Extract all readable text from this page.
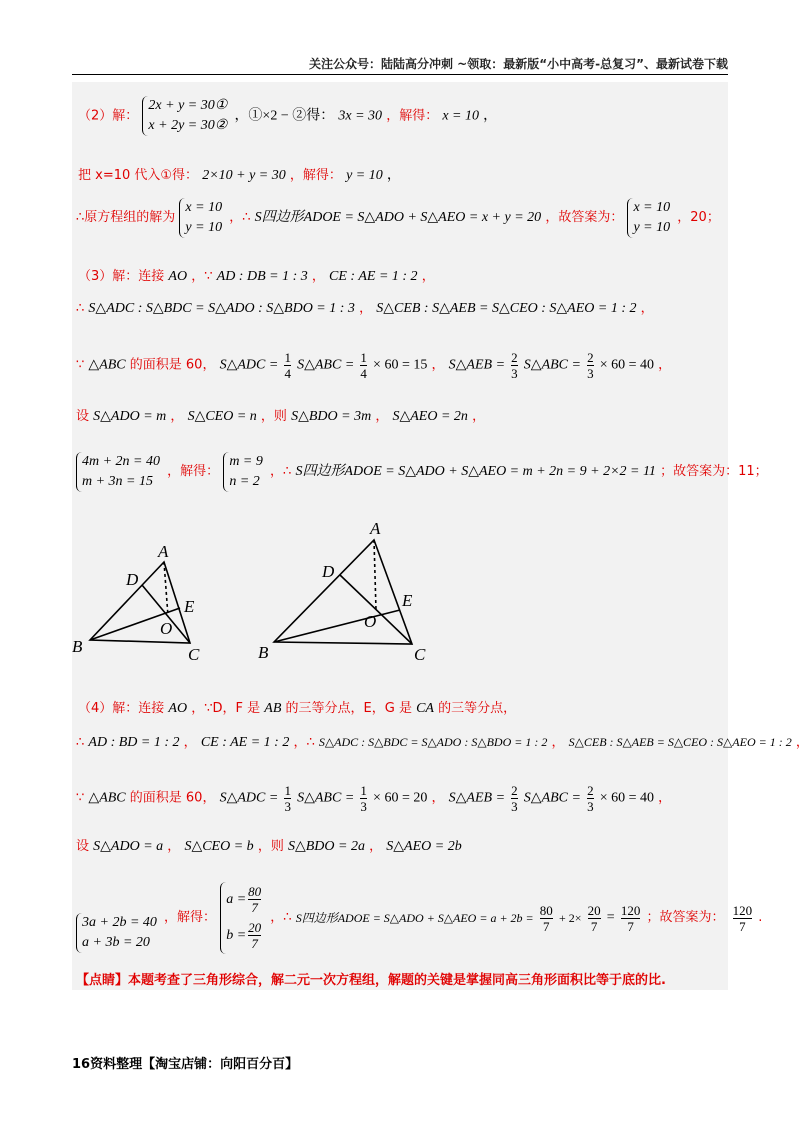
关注公众号：陆陆高分冲刺 ~领取：最新版“小中高考-总复习”、最新试卷下载
（2）解：
2x + y = 30①
x + 2y = 30②
，①×2 − ②得： 3x = 30 ，解得： x = 10 ，
把 x=10 代入①得： 2×10 + y = 30 ，解得： y = 10 ，
∴原方程组的解为
x = 10
y = 10
，∴ S四边形ADOE = S△ADO + S△AEO = x + y = 20 ，故答案为：
x = 10
y = 10
，20；
（3）解：连接 AO ，∵ AD : DB = 1 : 3 ， CE : AE = 1 : 2 ，
∴ S△ADC : S△BDC = S△ADO : S△BDO = 1 : 3 ， S△CEB : S△AEB = S△CEO : S△AEO = 1 : 2 ，
∵ △ABC 的面积是 60， S△ADC = $\frac{1}{4}$ S△ABC = $\frac{1}{4} \times 60 = 15$ ， S△AEB = $\frac{2}{3}$ S△ABC = $\frac{2}{3} \times 60 = 40$ ，
设 S△ADO = m ， S△CEO = n ，则 S△BDO = 3m ， S△AEO = 2n ，
4m + 2n = 40
m + 3n = 15
，解得：
m = 9
n = 2
，∴ S四边形ADOE = S△ADO + S△AEO = m + 2n = 9 + 2×2 = 11 ；故答案为：11；
A
B	C
D
E
O
A
B	C
D
E
O
（4）解：连接 AO ，∵D，F 是 AB 的三等分点，E，G 是 CA 的三等分点，
∴ AD : BD = 1 : 2 ， CE : AE = 1 : 2 ，∴ S△ADC : S△BDC = S△ADO : S△BDO = 1 : 2 ， S△CEB : S△AEB = S△CEO : S△AEO = 1 : 2 ，
∵ △ABC 的面积是 60， S△ADC = $\frac{1}{3}$ S△ABC = $\frac{1}{3} \times 60 = 20$ ， S△AEB = $\frac{2}{3}$ S△ABC = $\frac{2}{3} \times 60 = 40$ ，
设 S△ADO = a ， S△CEO = b ，则 S△BDO = 2a ， S△AEO = 2b
3a + 2b = 40
a + 3b = 20
，解得：
$a = \frac{80}{7}$
$b = \frac{20}{7}$
，∴ S四边形ADOE = S△ADO + S△AEO = $a + 2b = \frac{80}{7} + 2\times \frac{20}{7} = \frac{120}{7}$ ；故答案为： $\frac{120}{7}$ .
【点睛】本题考查了三角形综合，解二元一次方程组，解题的关键是掌握同高三角形面积比等于底的比.
16资料整理【淘宝店铺：向阳百分百】
